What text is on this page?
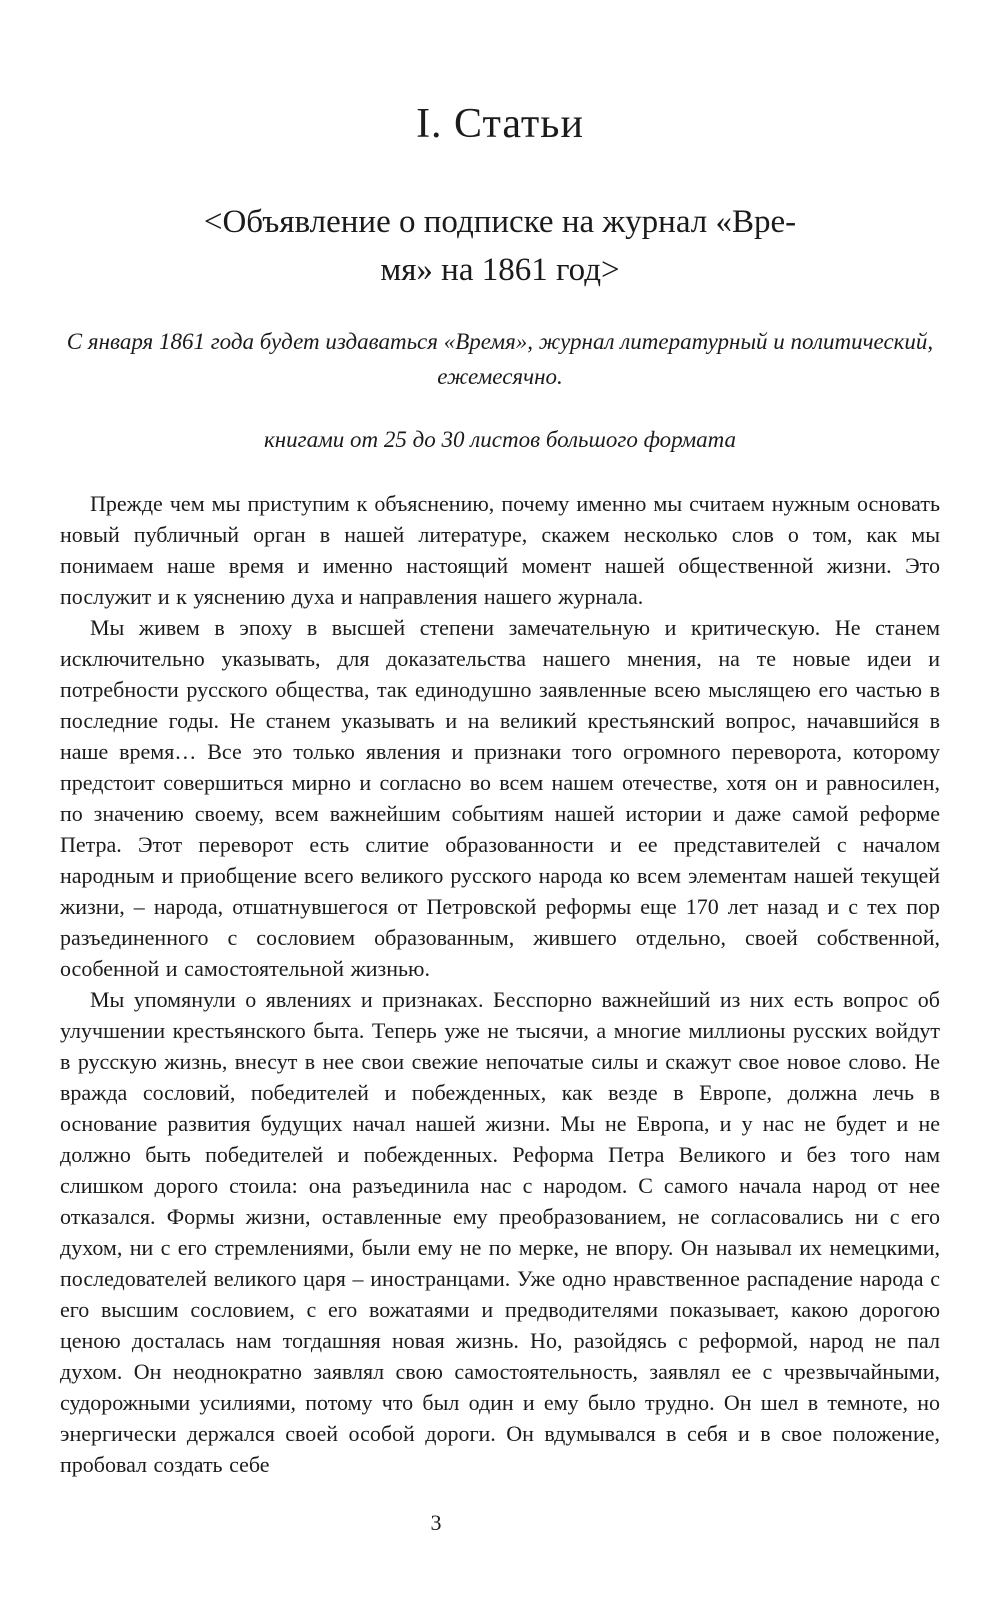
I. Статьи
<Объявление о подписке на журнал «Вре-
мя» на 1861 год>

С января 1861 года будет издаваться «Время», журнал литературный и политический, ежемесячно.

книгами от 25 до 30 листов большого формата

Прежде чем мы приступим к объяснению, почему именно мы считаем нужным основать новый публичный орган в нашей литературе, скажем несколько слов о том, как мы понимаем наше время и именно настоящий момент нашей общественной жизни. Это послужит и к уяснению духа и направления нашего журнала.

Мы живем в эпоху в высшей степени замечательную и критическую. Не станем исключительно указывать, для доказательства нашего мнения, на те новые идеи и потребности русского общества, так единодушно заявленные всею мыслящею его частью в последние годы. Не станем указывать и на великий крестьянский вопрос, начавшийся в наше время… Все это только явления и признаки того огромного переворота, которому предстоит совершиться мирно и согласно во всем нашем отечестве, хотя он и равносилен, по значению своему, всем важнейшим событиям нашей истории и даже самой реформе Петра. Этот переворот есть слитие образованности и ее представителей с началом народным и приобщение всего великого русского народа ко всем элементам нашей текущей жизни, – народа, отшатнувшегося от Петровской реформы еще 170 лет назад и с тех пор разъединенного с сословием образованным, жившего отдельно, своей собственной, особенной и самостоятельной жизнью.

Мы упомянули о явлениях и признаках. Бесспорно важнейший из них есть вопрос об улучшении крестьянского быта. Теперь уже не тысячи, а многие миллионы русских войдут в русскую жизнь, внесут в нее свои свежие непочатые силы и скажут свое новое слово. Не вражда сословий, победителей и побежденных, как везде в Европе, должна лечь в основание развития будущих начал нашей жизни. Мы не Европа, и у нас не будет и не должно быть победителей и побежденных. Реформа Петра Великого и без того нам слишком дорого стоила: она разъединила нас с народом. С самого начала народ от нее отказался. Формы жизни, оставленные ему преобразованием, не согласовались ни с его духом, ни с его стремлениями, были ему не по мерке, не впору. Он называл их немецкими, последователей великого царя – иностранцами. Уже одно нравственное распадение народа с его высшим сословием, с его вожатаями и предводителями показывает, какою дорогою ценою досталась нам тогдашняя новая жизнь. Но, разойдясь с реформой, народ не пал духом. Он неоднократно заявлял свою самостоятельность, заявлял ее с чрезвычайными, судорожными усилиями, потому что был один и ему было трудно. Он шел в темноте, но энергически держался своей особой дороги. Он вдумывался в себя и в свое положение, пробовал создать себе

3
